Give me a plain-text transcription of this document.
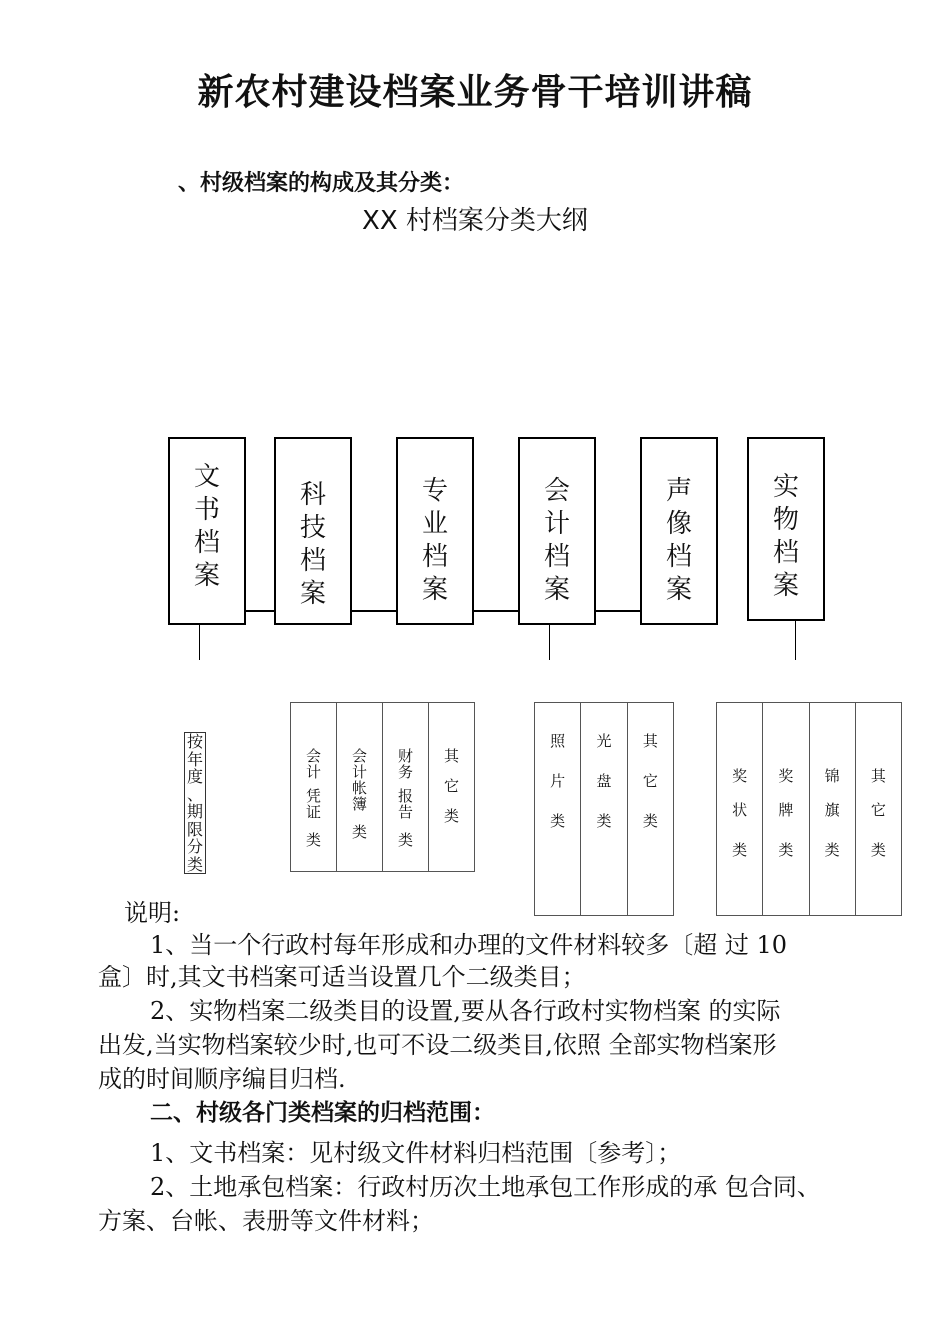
新农村建设档案业务骨干培训讲稿
、村级档案的构成及其分类：
XX 村档案分类大纲
文
书
档
案
科
技
档
案
专
业
档
案
会
计
档
案
声
像
档
案
实
物
档
案
按
年
度
、
期
限
分
类
会
计
凭
证
类
会
计
帐
簿
类
财
务
报
告
类
其
它
类
照
片
类
光
盘
类
其
它
类
奖
状
类
奖
牌
类
锦
旗
类
其
它
类
说明:
1、当一个行政村每年形成和办理的文件材料较多〔超 过 10
盒〕时,其文书档案可适当设置几个二级类目；
2、实物档案二级类目的设置,要从各行政村实物档案 的实际
出发,当实物档案较少时,也可不设二级类目,依照 全部实物档案形
成的时间顺序编目归档.
二、村级各门类档案的归档范围：
1、文书档案：见村级文件材料归档范围〔参考〕；
2、土地承包档案：行政村历次土地承包工作形成的承 包合同、
方案、台帐、表册等文件材料；
